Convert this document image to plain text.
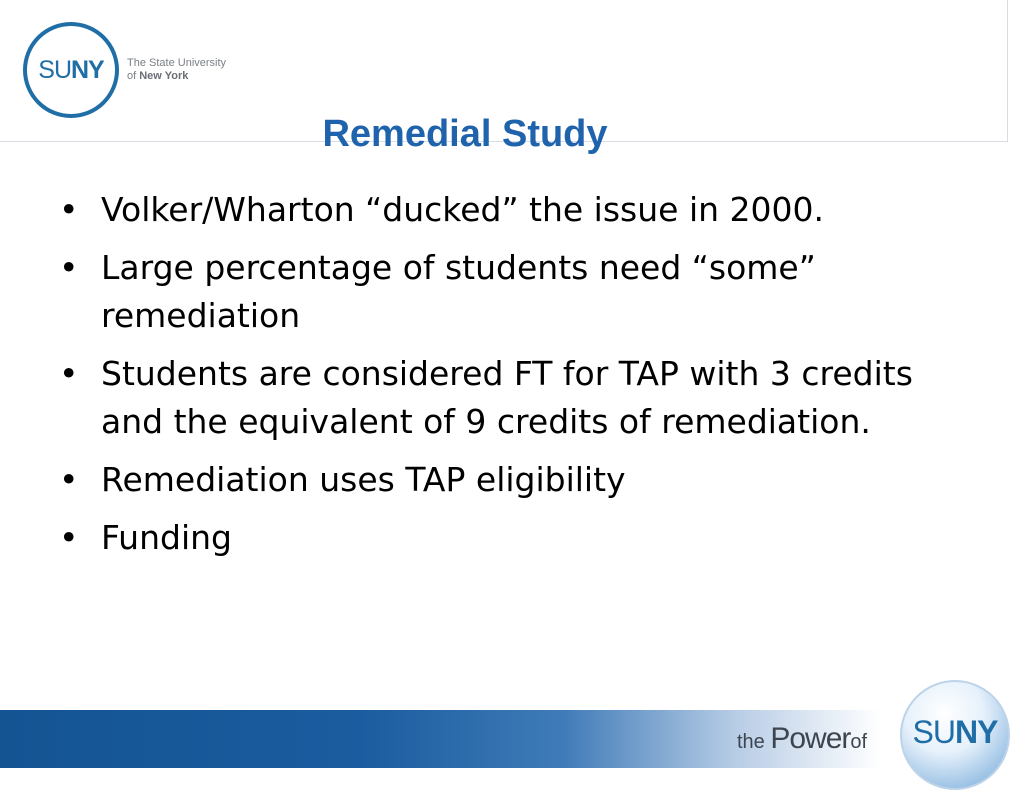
SU NY The State University
of New York
Remedial Study
• Volker/Wharton “ducked” the issue in 2000.
• Large percentage of students need “some” remediation
• Students are considered FT for TAP with 3 credits and the equivalent of 9 credits of remediation.
• Remediation uses TAP eligibility
• Funding
the Powerof SU NY
